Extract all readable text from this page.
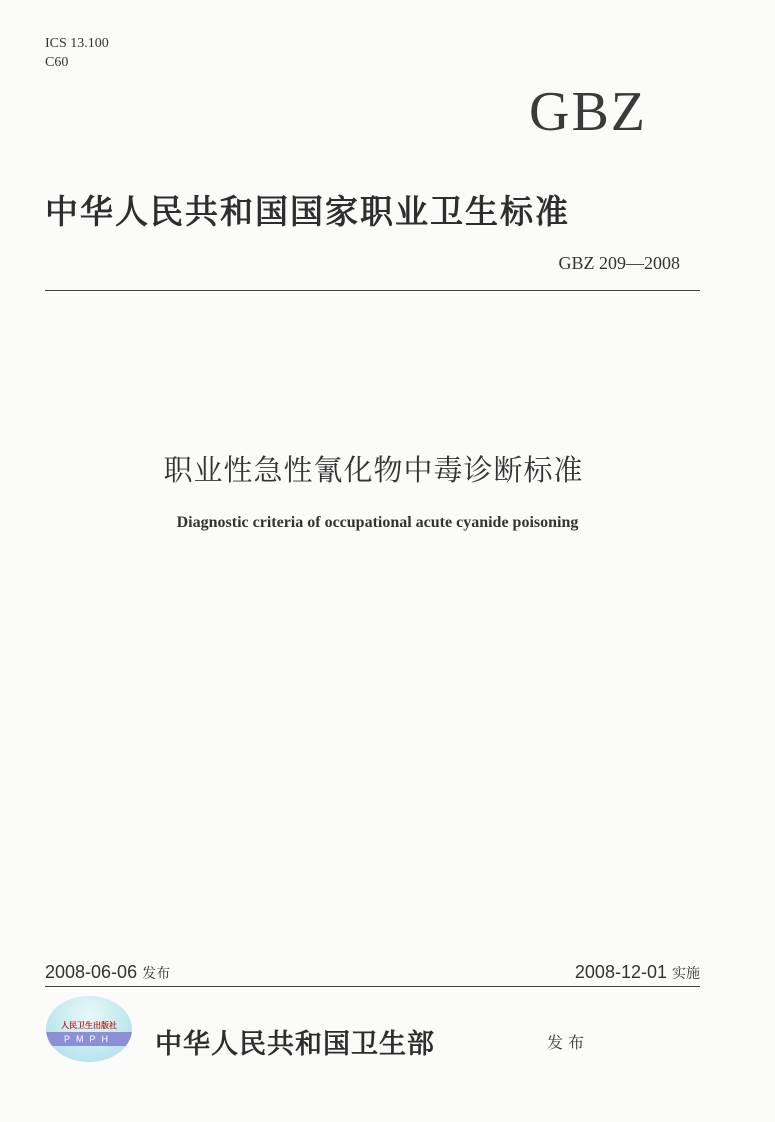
ICS 13.100
C60
GBZ
中华人民共和国国家职业卫生标准
GBZ 209—2008
职业性急性氰化物中毒诊断标准
Diagnostic criteria of occupational acute cyanide poisoning
2008-06-06 发布	2008-12-01 实施
人民卫生出版社
PMPH	中华人民共和国卫生部	发布
